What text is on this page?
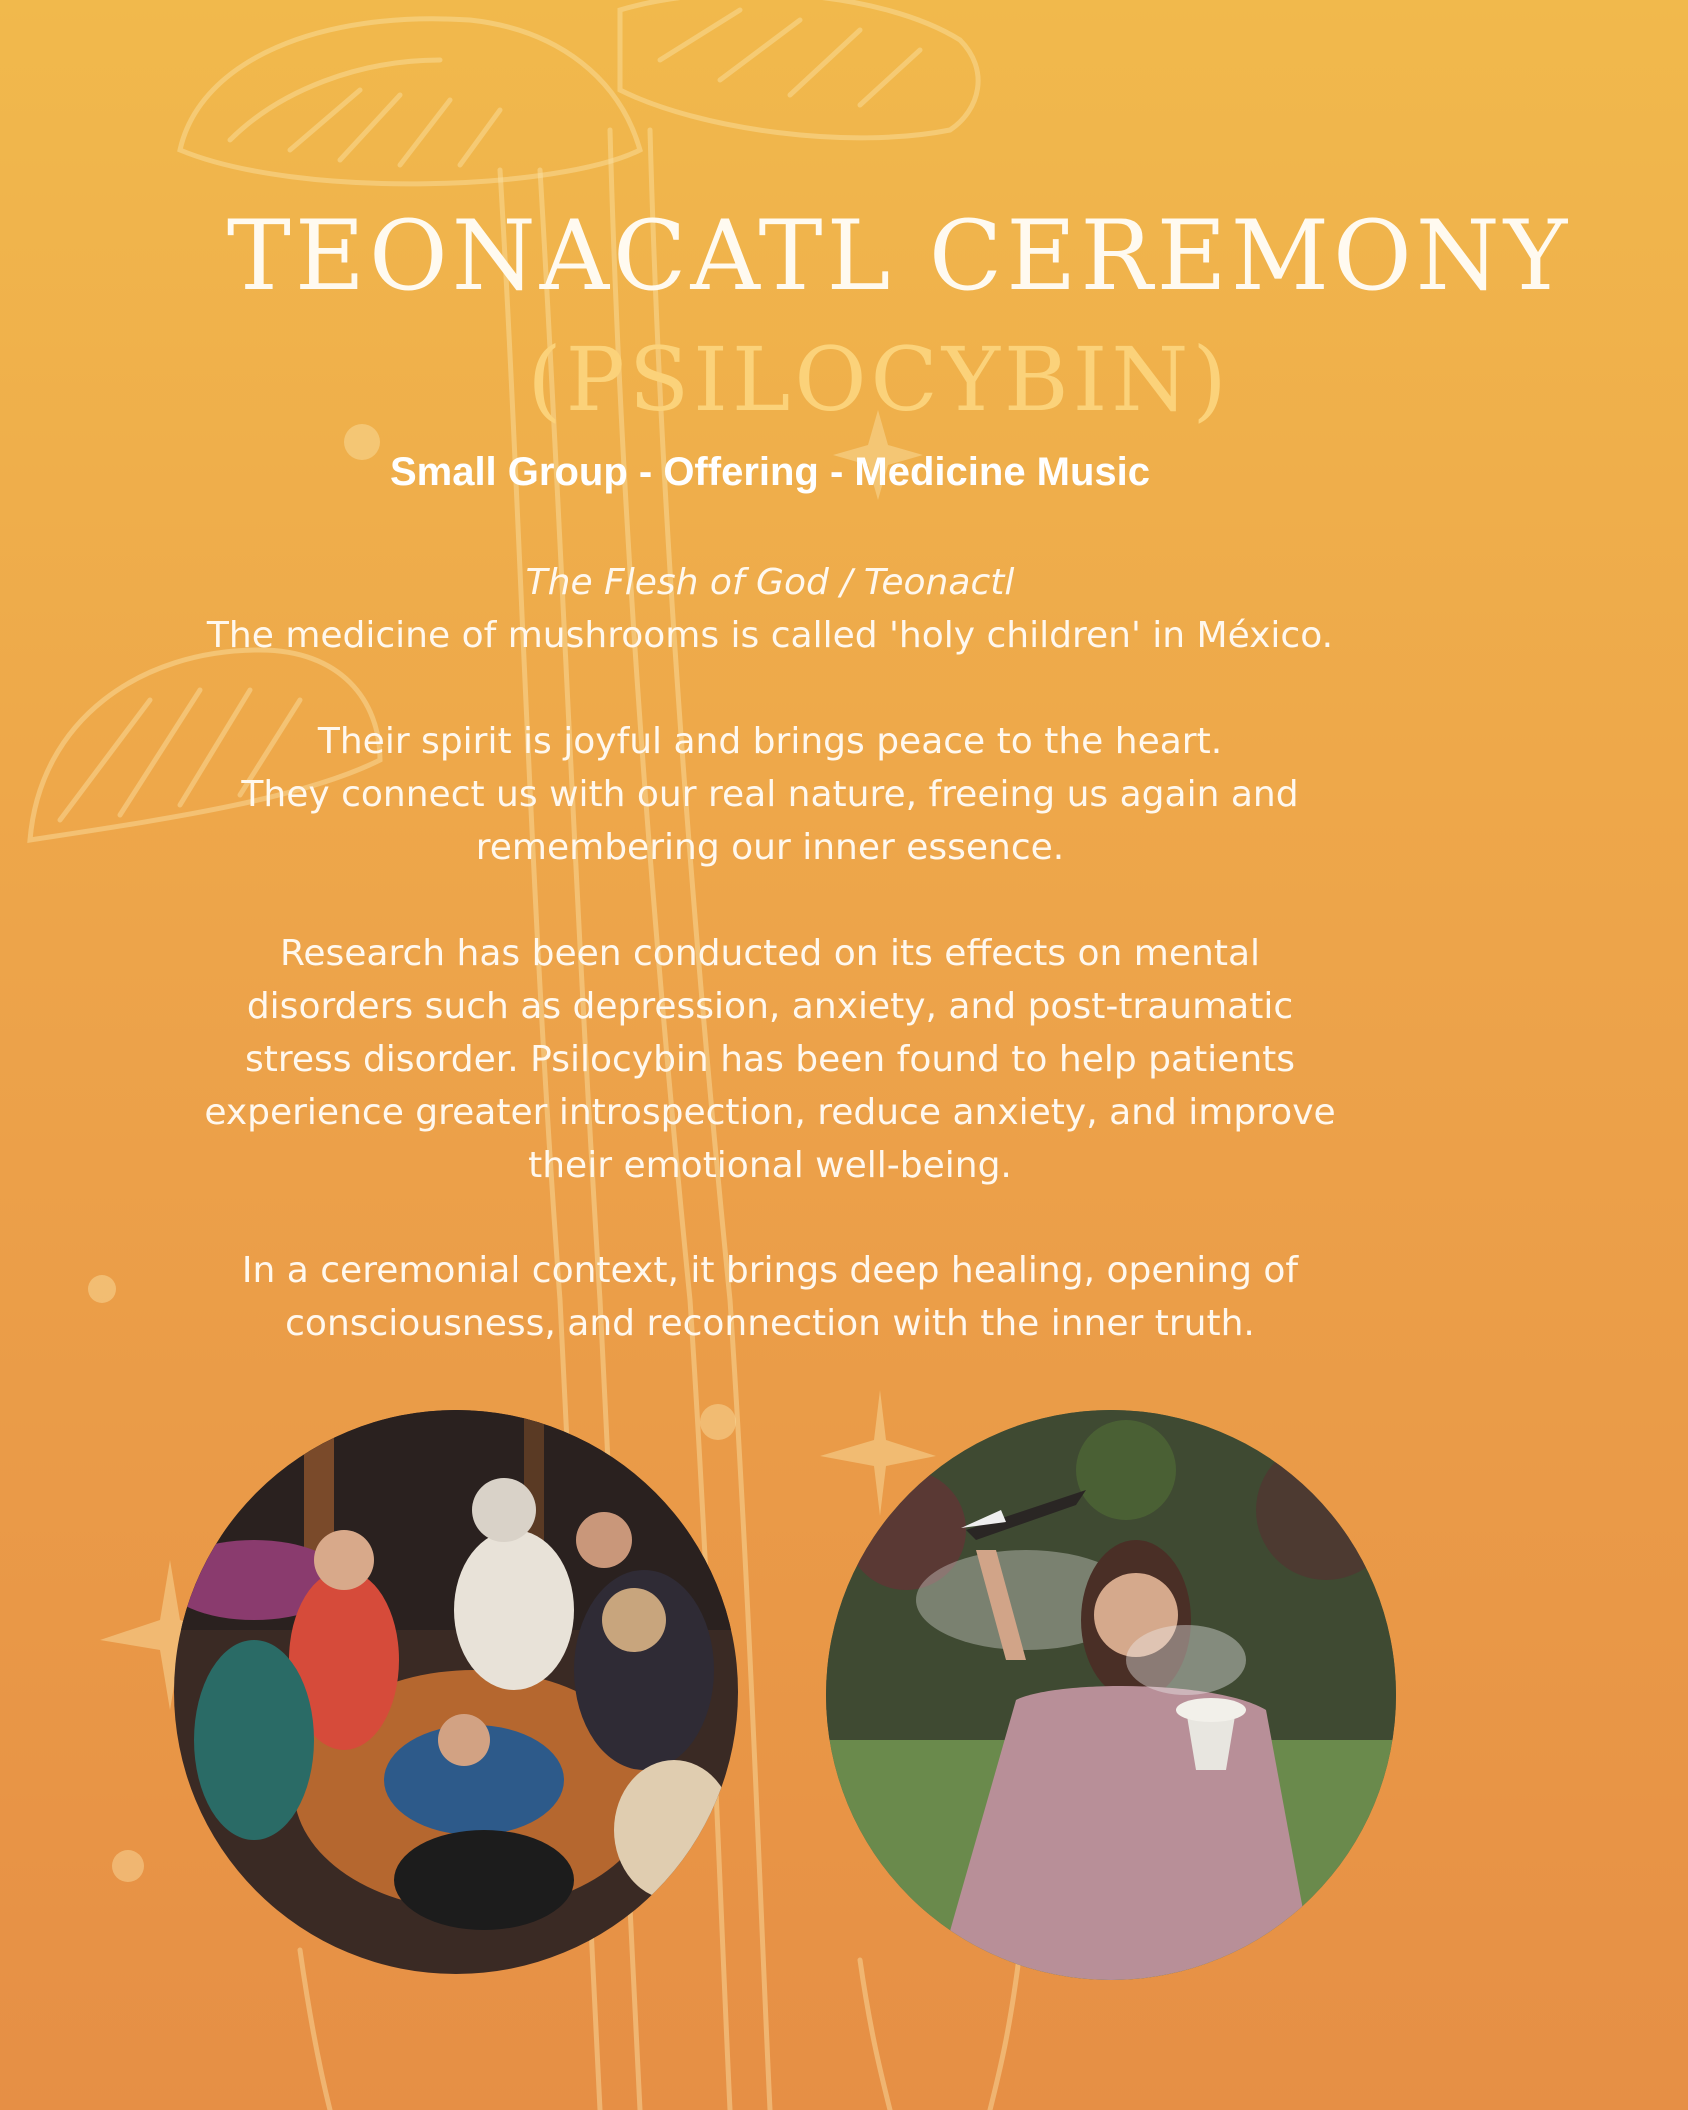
TEONACATL CEREMONY
(PSILOCYBIN)
Small Group - Offering - Medicine Music
The Flesh of God / Teonactl
The medicine of mushrooms is called 'holy children' in México.
Their spirit is joyful and brings peace to the heart.
They connect us with our real nature, freeing us again and
remembering our inner essence.
Research has been conducted on its effects on mental
disorders such as depression, anxiety, and post-traumatic
stress disorder. Psilocybin has been found to help patients
experience greater introspection, reduce anxiety, and improve
their emotional well-being.
In a ceremonial context, it brings deep healing, opening of
consciousness, and reconnection with the inner truth.
